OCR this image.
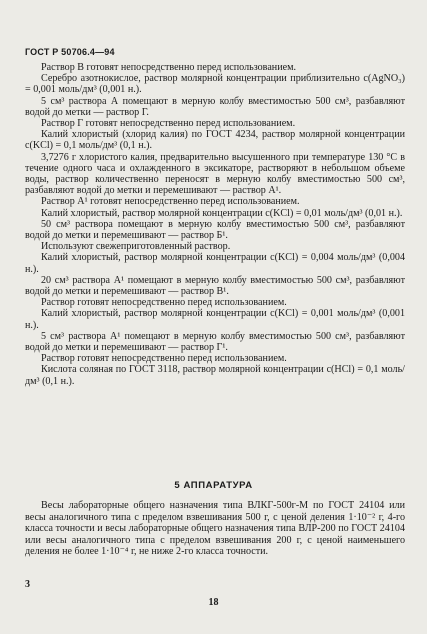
ГОСТ Р 50706.4—94

Раствор В готовят непосредственно перед использованием.

Серебро азотнокислое, раствор молярной концентрации приблизительно c(AgNO₃) = 0,001 моль/дм³ (0,001 н.).

5 см³ раствора А помещают в мерную колбу вместимостью 500 см³, разбавляют водой до метки — раствор Г.

Раствор Г готовят непосредственно перед использованием.

Калий хлористый (хлорид калия) по ГОСТ 4234, раствор молярной концентрации c(KCl) = 0,1 моль/дм³ (0,1 н.).

3,7276 г хлористого калия, предварительно высушенного при температуре 130 °С в течение одного часа и охлажденного в эксикаторе, растворяют в небольшом объеме воды, раствор количественно переносят в мерную колбу вместимостью 500 см³, разбавляют водой до метки и перемешивают — раствор А¹.

Раствор А¹ готовят непосредственно перед использованием.

Калий хлористый, раствор молярной концентрации c(KCl) = 0,01 моль/дм³ (0,01 н.).

50 см³ раствора помещают в мерную колбу вместимостью 500 см³, разбавляют водой до метки и перемешивают — раствор Б¹.

Используют свежеприготовленный раствор.

Калий хлористый, раствор молярной концентрации c(KCl) = 0,004 моль/дм³ (0,004 н.).

20 см³ раствора А¹ помещают в мерную колбу вместимостью 500 см³, разбавляют водой до метки и перемешивают — раствор В¹.

Раствор готовят непосредственно перед использованием.

Калий хлористый, раствор молярной концентрации c(KCl) = 0,001 моль/дм³ (0,001 н.).

5 см³ раствора А¹ помещают в мерную колбу вместимостью 500 см³, разбавляют водой до метки и перемешивают — раствор Г¹.

Раствор готовят непосредственно перед использованием.

Кислота соляная по ГОСТ 3118, раствор молярной концентрации c(HCl) = 0,1 моль/дм³ (0,1 н.).

5 АППАРАТУРА

Весы лабораторные общего назначения типа ВЛКГ-500г-М по ГОСТ 24104 или весы аналогичного типа с пределом взвешивания 500 г, с ценой деления 1·10⁻² г, 4-го класса точности и весы лабораторные общего назначения типа ВЛР-200 по ГОСТ 24104 или весы аналогичного типа с пределом взвешивания 200 г, с ценой наименьшего деления не более 1·10⁻⁴ г, не ниже 2-го класса точности.

3
18
